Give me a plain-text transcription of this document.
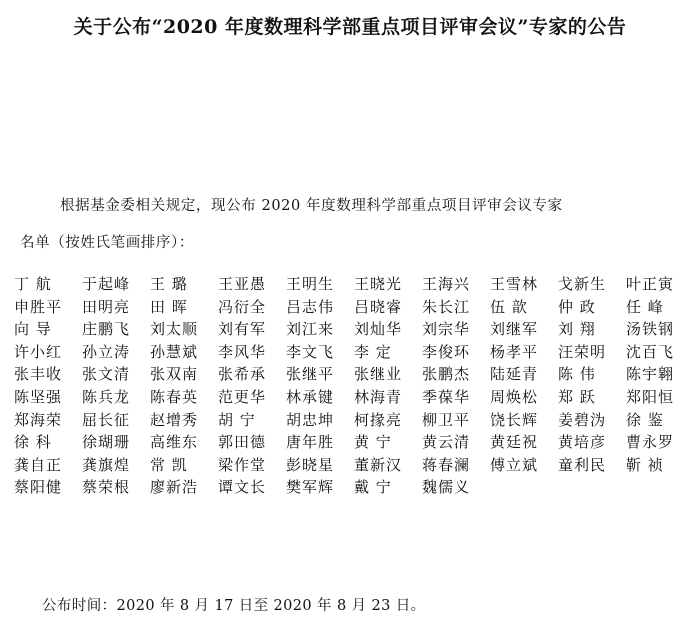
关于公布“2020 年度数理科学部重点项目评审会议”专家的公告
根据基金委相关规定，现公布 2020 年度数理科学部重点项目评审会议专家
名单（按姓氏笔画排序）：
丁 航	于起峰	王 璐	王亚愚	王明生	王晓光	王海兴	王雪林	戈新生	叶正寅
申胜平	田明亮	田 晖	冯衍全	吕志伟	吕晓睿	朱长江	伍 歆	仲 政	任 峰
向 导	庄鹏飞	刘太顺	刘有军	刘江来	刘灿华	刘宗华	刘继军	刘 翔	汤铁钢
许小红	孙立涛	孙慧斌	李风华	李文飞	李 定	李俊环	杨孝平	汪荣明	沈百飞
张丰收	张文清	张双南	张希承	张继平	张继业	张鹏杰	陆延青	陈 伟	陈宇翱
陈坚强	陈兵龙	陈春英	范更华	林承键	林海青	季葆华	周焕松	郑 跃	郑阳恒
郑海荣	屈长征	赵增秀	胡 宁	胡忠坤	柯掾亮	柳卫平	饶长辉	姜碧沩	徐 鉴
徐 科	徐瑚珊	高维东	郭田德	唐年胜	黄 宁	黄云清	黄廷祝	黄培彦	曹永罗
龚自正	龚旗煌	常 凯	梁作堂	彭晓星	董新汉	蒋春澜	傅立斌	童利民	靳 祯
蔡阳健	蔡荣根	廖新浩	谭文长	樊军辉	戴 宁	魏儒义
公布时间：2020 年 8 月 17 日至 2020 年 8 月 23 日。
